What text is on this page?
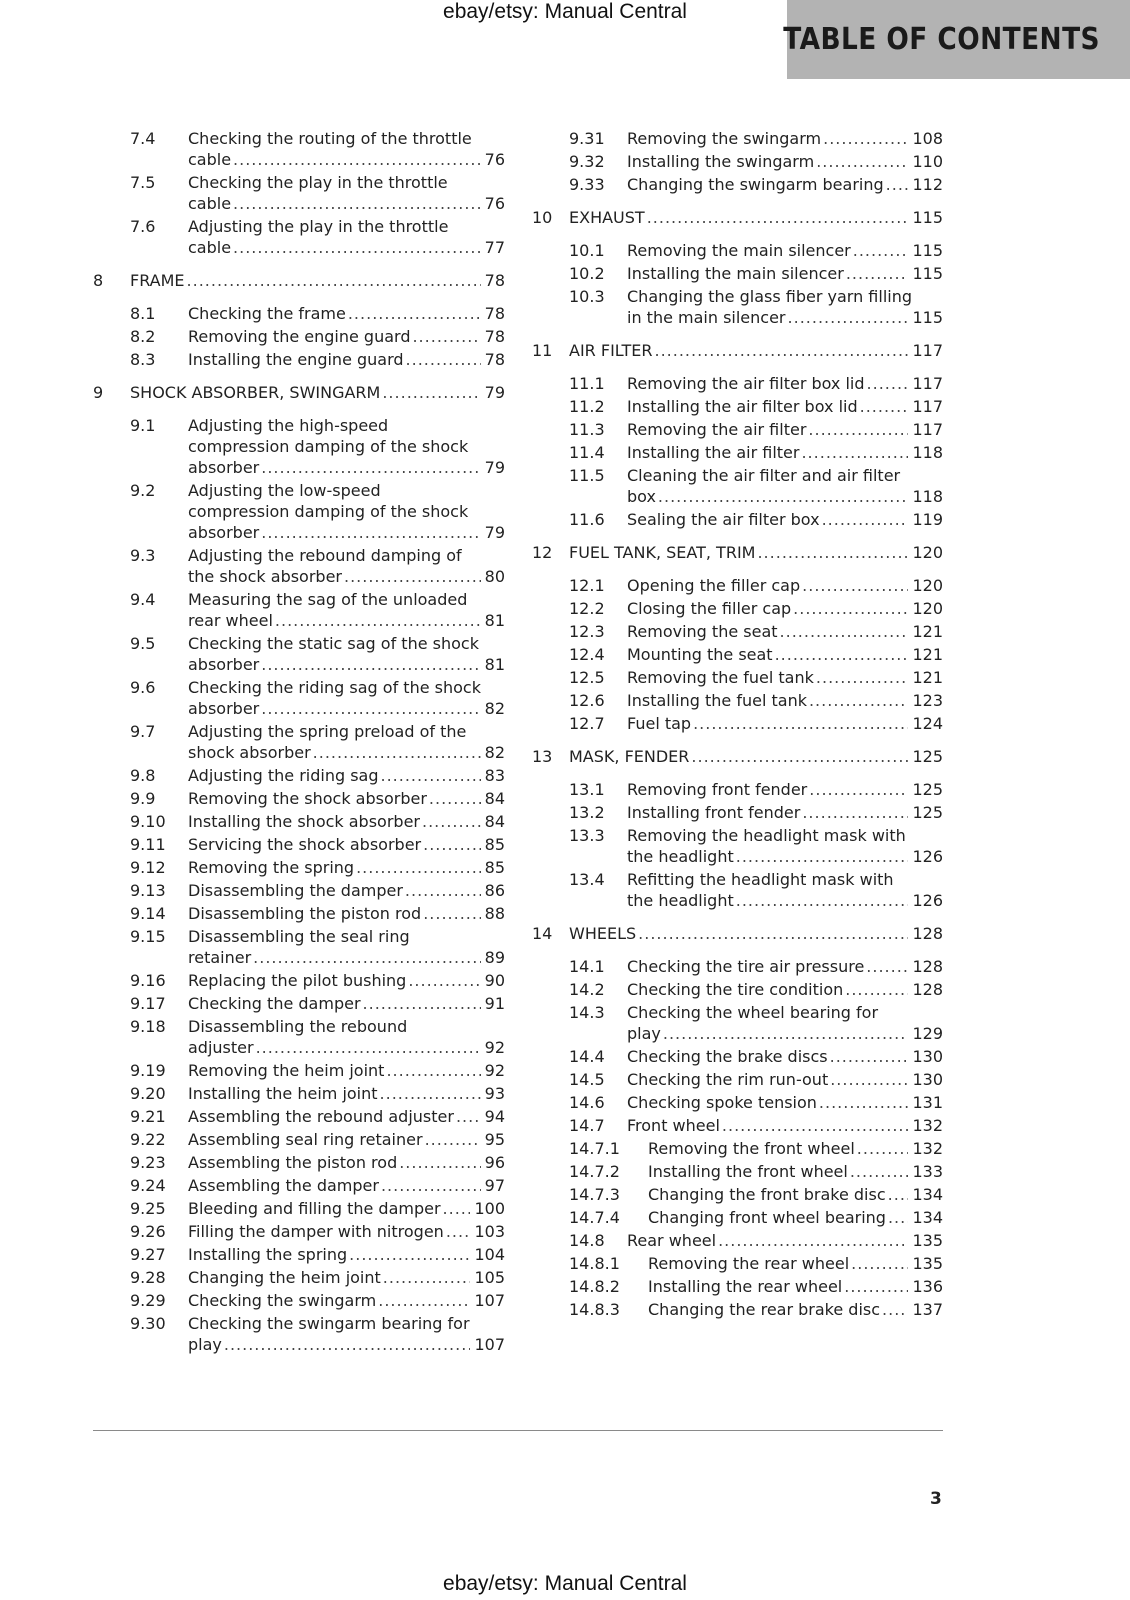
ebay/etsy: Manual Central
TABLE OF CONTENTS
7.4 Checking the routing of the throttle
cable .....	76
7.5 Checking the play in the throttle
cable .....	76
7.6 Adjusting the play in the throttle
cable .....	77
8 FRAME .....	78
8.1 Checking the frame .....	78
8.2 Removing the engine guard .....	78
8.3 Installing the engine guard .....	78
9 SHOCK ABSORBER, SWINGARM .....	79
9.1 Adjusting the high-speed
compression damping of the shock
absorber .....	79
9.2 Adjusting the low-speed
compression damping of the shock
absorber .....	79
9.3 Adjusting the rebound damping of
the shock absorber .....	80
9.4 Measuring the sag of the unloaded
rear wheel .....	81
9.5 Checking the static sag of the shock
absorber .....	81
9.6 Checking the riding sag of the shock
absorber .....	82
9.7 Adjusting the spring preload of the
shock absorber .....	82
9.8 Adjusting the riding sag .....	83
9.9 Removing the shock absorber .....	84
9.10 Installing the shock absorber .....	84
9.11 Servicing the shock absorber .....	85
9.12 Removing the spring .....	85
9.13 Disassembling the damper .....	86
9.14 Disassembling the piston rod .....	88
9.15 Disassembling the seal ring
retainer .....	89
9.16 Replacing the pilot bushing .....	90
9.17 Checking the damper .....	91
9.18 Disassembling the rebound
adjuster .....	92
9.19 Removing the heim joint .....	92
9.20 Installing the heim joint .....	93
9.21 Assembling the rebound adjuster ..... 94
9.22 Assembling seal ring retainer .....	95
9.23 Assembling the piston rod .....	96
9.24 Assembling the damper .....	97
9.25 Bleeding and filling the damper ..... 100
9.26 Filling the damper with nitrogen ..... 103
9.27 Installing the spring .....	104
9.28 Changing the heim joint .....	105
9.29 Checking the swingarm .....	107
9.30 Checking the swingarm bearing for
play .....	107
9.31 Removing the swingarm .....	108
9.32 Installing the swingarm .....	110
9.33 Changing the swingarm bearing ..... 112
10 EXHAUST .....	115
10.1 Removing the main silencer .....	115
10.2 Installing the main silencer .....	115
10.3 Changing the glass fiber yarn filling
in the main silencer .....	115
11 AIR FILTER .....	117
11.1 Removing the air filter box lid .....	117
11.2 Installing the air filter box lid .....	117
11.3 Removing the air filter .....	117
11.4 Installing the air filter .....	118
11.5 Cleaning the air filter and air filter
box .....	118
11.6 Sealing the air filter box .....	119
12 FUEL TANK, SEAT, TRIM .....	120
12.1 Opening the filler cap .....	120
12.2 Closing the filler cap .....	120
12.3 Removing the seat .....	121
12.4 Mounting the seat .....	121
12.5 Removing the fuel tank .....	121
12.6 Installing the fuel tank .....	123
12.7 Fuel tap .....	124
13 MASK, FENDER .....	125
13.1 Removing front fender .....	125
13.2 Installing front fender .....	125
13.3 Removing the headlight mask with
the headlight .....	126
13.4 Refitting the headlight mask with
the headlight .....	126
14 WHEELS .....	128
14.1 Checking the tire air pressure .....	128
14.2 Checking the tire condition .....	128
14.3 Checking the wheel bearing for
play .....	129
14.4 Checking the brake discs .....	130
14.5 Checking the rim run-out .....	130
14.6 Checking spoke tension .....	131
14.7 Front wheel .....	132
14.7.1 Removing the front wheel .....	132
14.7.2 Installing the front wheel .....	133
14.7.3 Changing the front brake disc ..... 134
14.7.4 Changing front wheel bearing ..... 134
14.8 Rear wheel .....	135
14.8.1 Removing the rear wheel .....	135
14.8.2 Installing the rear wheel .....	136
14.8.3 Changing the rear brake disc ..... 137
3
ebay/etsy: Manual Central
